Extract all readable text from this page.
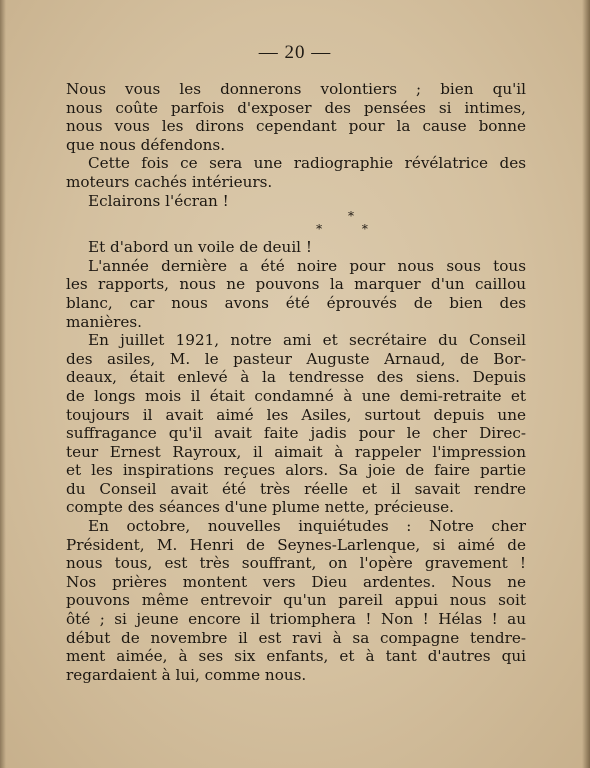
— 20 —
Nous vous les donnerons volontiers ; bien qu'il
nous coûte parfois d'exposer des pensées si intimes,
nous vous les dirons cependant pour la cause bonne
que nous défendons.
Cette fois ce sera une radiographie révélatrice des
moteurs cachés intérieurs.
Eclairons l'écran !
*
* *
Et d'abord un voile de deuil !
L'année dernière a été noire pour nous sous tous
les rapports, nous ne pouvons la marquer d'un caillou
blanc, car nous avons été éprouvés de bien des
manières.
En juillet 1921, notre ami et secrétaire du Conseil
des asiles, M. le pasteur Auguste Arnaud, de Bor-
deaux, était enlevé à la tendresse des siens. Depuis
de longs mois il était condamné à une demi-retraite et
toujours il avait aimé les Asiles, surtout depuis une
suffragance qu'il avait faite jadis pour le cher Direc-
teur Ernest Rayroux, il aimait à rappeler l'impression
et les inspirations reçues alors. Sa joie de faire partie
du Conseil avait été très réelle et il savait rendre
compte des séances d'une plume nette, précieuse.
En octobre, nouvelles inquiétudes : Notre cher
Président, M. Henri de Seynes-Larlenque, si aimé de
nous tous, est très souffrant, on l'opère gravement !
Nos prières montent vers Dieu ardentes. Nous ne
pouvons même entrevoir qu'un pareil appui nous soit
ôté ; si jeune encore il triomphera ! Non ! Hélas ! au
début de novembre il est ravi à sa compagne tendre-
ment aimée, à ses six enfants, et à tant d'autres qui
regardaient à lui, comme nous.
